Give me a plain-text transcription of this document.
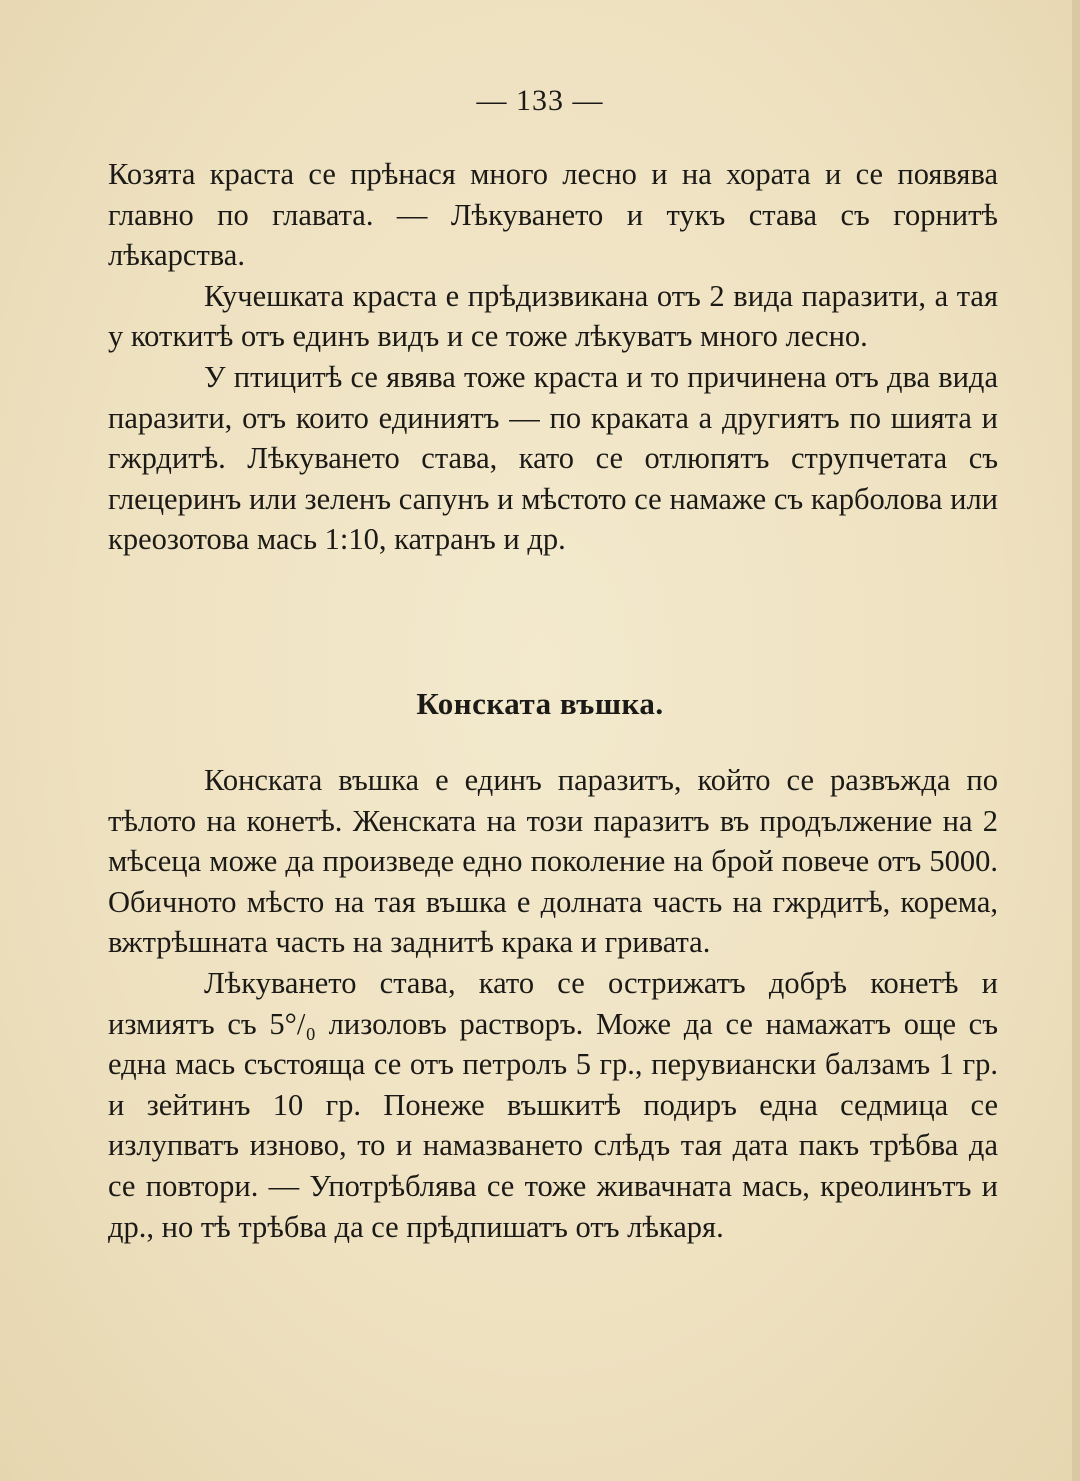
— 133 —

Козята краста се прѣнася много лесно и на хората и се появява главно по главата. — Лѣкуването и тукъ става съ горнитѣ лѣкарства.

Кучешката краста е прѣдизвикана отъ 2 вида паразити, а тая у коткитѣ отъ единъ видъ и се тоже лѣкуватъ много лесно.

У птицитѣ се явява тоже краста и то причинена отъ два вида паразити, отъ които единиятъ — по краката а другиятъ по шията и гжрдитѣ. Лѣкуването става, като се отлюпятъ струпчетата съ глецеринъ или зеленъ сапунъ и мѣстото се намаже съ карболова или креозотова мась 1:10, катранъ и др.

Конската въшка.

Конската въшка е единъ паразитъ, който се развъжда по тѣлото на конетѣ. Женската на този паразитъ въ продължение на 2 мѣсеца може да произведе едно поколение на брой повече отъ 5000. Обичното мѣсто на тая въшка е долната часть на гжрдитѣ, корема, вжтрѣшната часть на заднитѣ крака и гривата.

Лѣкуването става, като се острижатъ добрѣ конетѣ и измиятъ съ 5°/₀ лизоловъ растворъ. Може да се намажатъ още съ една мась състояща се отъ петролъ 5 гр., перувиански балзамъ 1 гр. и зейтинъ 10 гр. Понеже въшкитѣ подиръ една седмица се излупватъ изново, то и намазването слѣдъ тая дата пакъ трѣбва да се повтори. — Употрѣблява се тоже живачната мась, креолинътъ и др., но тѣ трѣбва да се прѣдпишатъ отъ лѣкаря.
